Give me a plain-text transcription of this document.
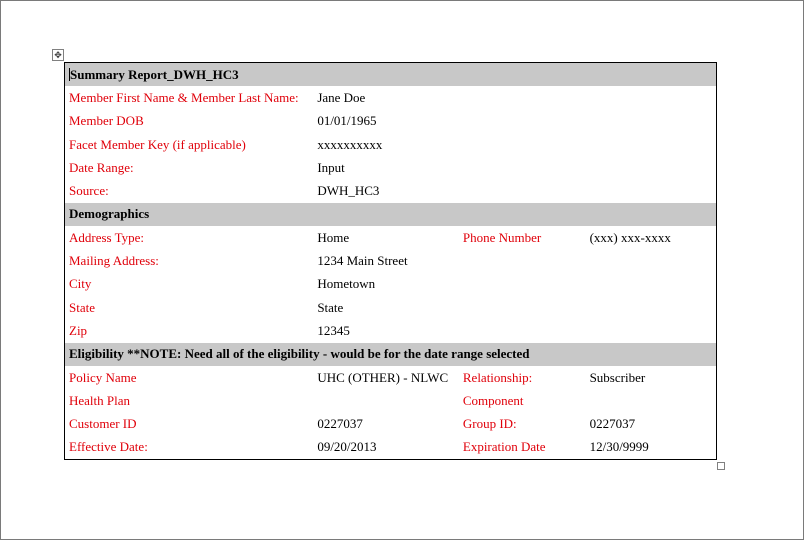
✥
Summary Report_DWH_HC3			
Member First Name & Member Last Name:	Jane Doe		
Member DOB	01/01/1965		
Facet Member Key (if applicable)	xxxxxxxxxx		
Date Range:	Input		
Source:	DWH_HC3		
Demographics			
Address Type:	Home	Phone Number	(xxx) xxx-xxxx
Mailing Address:	1234 Main Street		
City	Hometown		
State	State		
Zip	12345		
Eligibility **NOTE: Need all of the eligibility - would be for the date range selected			
Policy Name	UHC (OTHER) - NLWC	Relationship:	Subscriber
Health Plan		Component	
Customer ID	0227037	Group ID:	0227037
Effective Date:	09/20/2013	Expiration Date	12/30/9999
